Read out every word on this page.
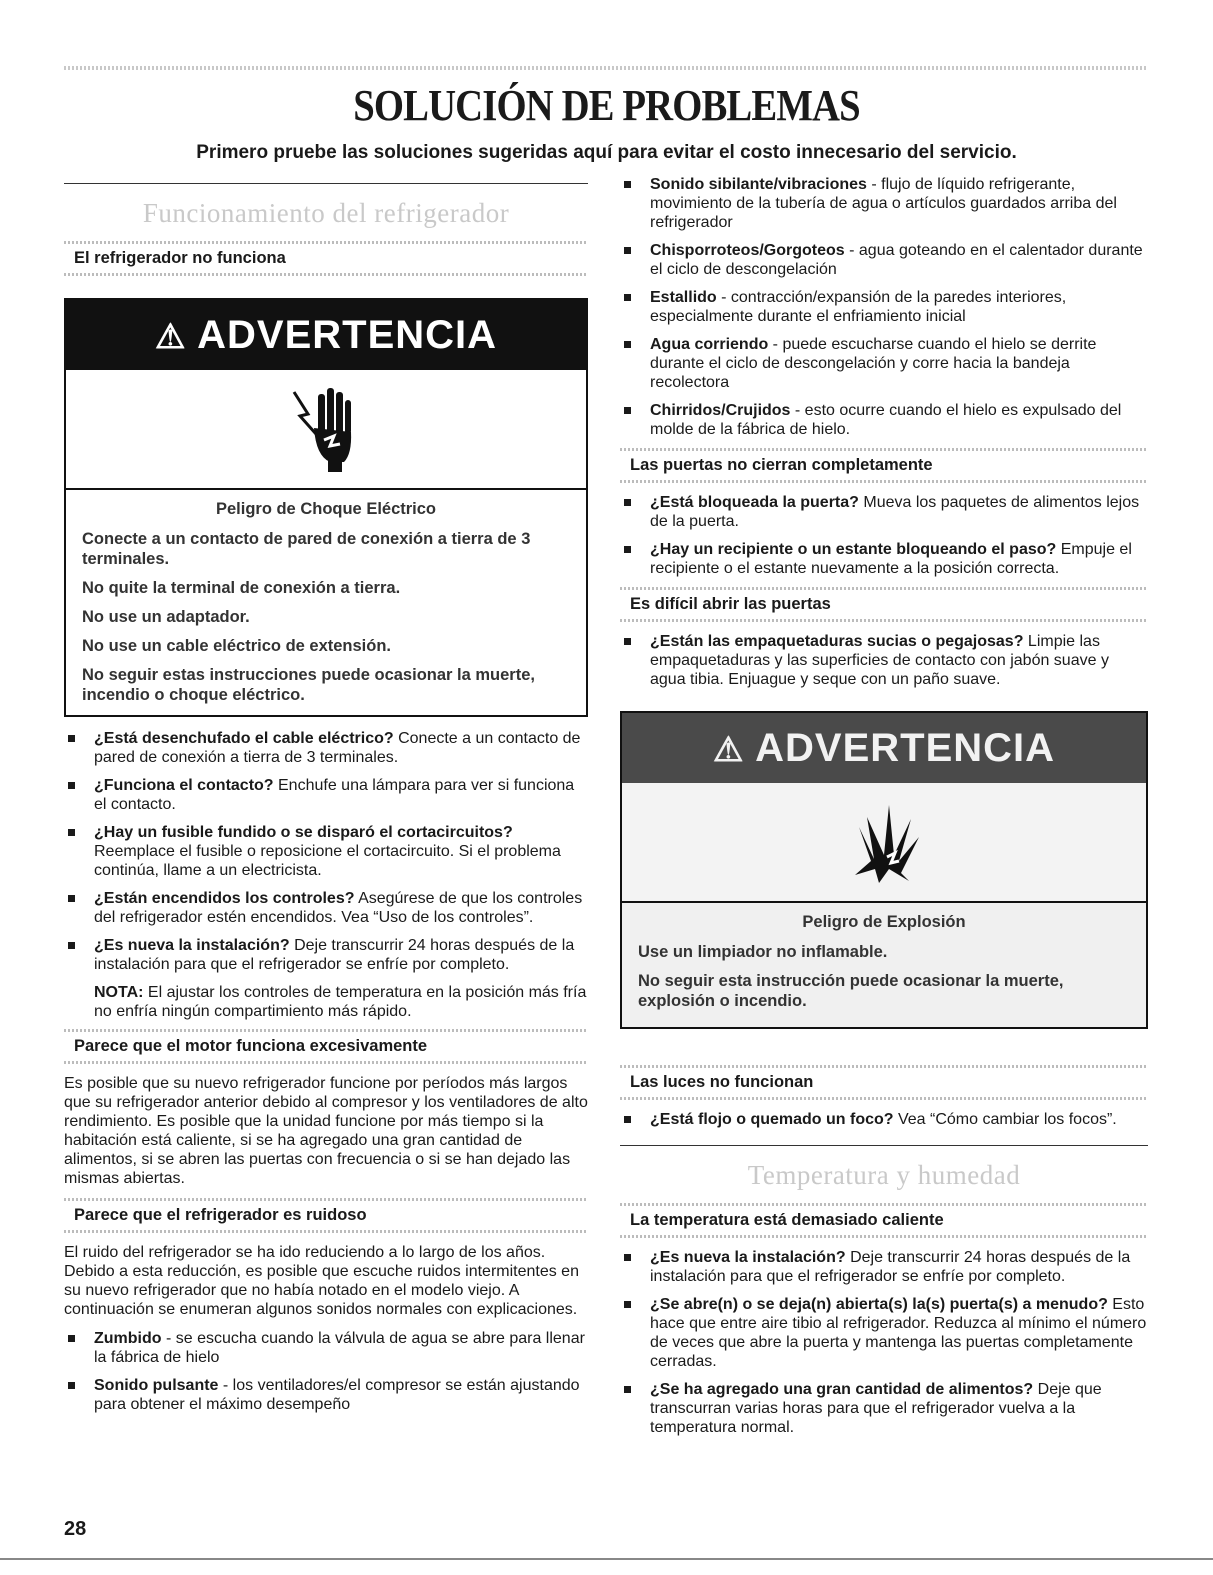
SOLUCIÓN DE PROBLEMAS
Primero pruebe las soluciones sugeridas aquí para evitar el costo innecesario del servicio.
Funcionamiento del refrigerador
El refrigerador no funciona
⚠ ADVERTENCIA
Peligro de Choque Eléctrico

Conecte a un contacto de pared de conexión a tierra de 3 terminales.

No quite la terminal de conexión a tierra.

No use un adaptador.

No use un cable eléctrico de extensión.

No seguir estas instrucciones puede ocasionar la muerte, incendio o choque eléctrico.

¿Está desenchufado el cable eléctrico? Conecte a un contacto de pared de conexión a tierra de 3 terminales.
¿Funciona el contacto? Enchufe una lámpara para ver si funciona el contacto.
¿Hay un fusible fundido o se disparó el cortacircuitos? Reemplace el fusible o reposicione el cortacircuito. Si el problema continúa, llame a un electricista.
¿Están encendidos los controles? Asegúrese de que los controles del refrigerador estén encendidos. Vea “Uso de los controles”.
¿Es nueva la instalación? Deje transcurrir 24 horas después de la instalación para que el refrigerador se enfríe por completo.

NOTA: El ajustar los controles de temperatura en la posición más fría no enfría ningún compartimiento más rápido.

Parece que el motor funciona excesivamente

Es posible que su nuevo refrigerador funcione por períodos más largos que su refrigerador anterior debido al compresor y los ventiladores de alto rendimiento. Es posible que la unidad funcione por más tiempo si la habitación está caliente, si se ha agregado una gran cantidad de alimentos, si se abren las puertas con frecuencia o si se han dejado las mismas abiertas.

Parece que el refrigerador es ruidoso

El ruido del refrigerador se ha ido reduciendo a lo largo de los años. Debido a esta reducción, es posible que escuche ruidos intermitentes en su nuevo refrigerador que no había notado en el modelo viejo. A continuación se enumeran algunos sonidos normales con explicaciones.

Zumbido - se escucha cuando la válvula de agua se abre para llenar la fábrica de hielo
Sonido pulsante - los ventiladores/el compresor se están ajustando para obtener el máximo desempeño
Sonido sibilante/vibraciones - flujo de líquido refrigerante, movimiento de la tubería de agua o artículos guardados arriba del refrigerador
Chisporroteos/Gorgoteos - agua goteando en el calentador durante el ciclo de descongelación
Estallido - contracción/expansión de la paredes interiores, especialmente durante el enfriamiento inicial
Agua corriendo - puede escucharse cuando el hielo se derrite durante el ciclo de descongelación y corre hacia la bandeja recolectora
Chirridos/Crujidos - esto ocurre cuando el hielo es expulsado del molde de la fábrica de hielo.
Las puertas no cierran completamente
¿Está bloqueada la puerta? Mueva los paquetes de alimentos lejos de la puerta.
¿Hay un recipiente o un estante bloqueando el paso? Empuje el recipiente o el estante nuevamente a la posición correcta.
Es difícil abrir las puertas
¿Están las empaquetaduras sucias o pegajosas? Limpie las empaquetaduras y las superficies de contacto con jabón suave y agua tibia. Enjuague y seque con un paño suave.
⚠ ADVERTENCIA
Peligro de Explosión

Use un limpiador no inflamable.

No seguir esta instrucción puede ocasionar la muerte, explosión o incendio.

Las luces no funcionan
¿Está flojo o quemado un foco? Vea “Cómo cambiar los focos”.
Temperatura y humedad
La temperatura está demasiado caliente
¿Es nueva la instalación? Deje transcurrir 24 horas después de la instalación para que el refrigerador se enfríe por completo.
¿Se abre(n) o se deja(n) abierta(s) la(s) puerta(s) a menudo? Esto hace que entre aire tibio al refrigerador. Reduzca al mínimo el número de veces que abre la puerta y mantenga las puertas completamente cerradas.
¿Se ha agregado una gran cantidad de alimentos? Deje que transcurran varias horas para que el refrigerador vuelva a la temperatura normal.
28
